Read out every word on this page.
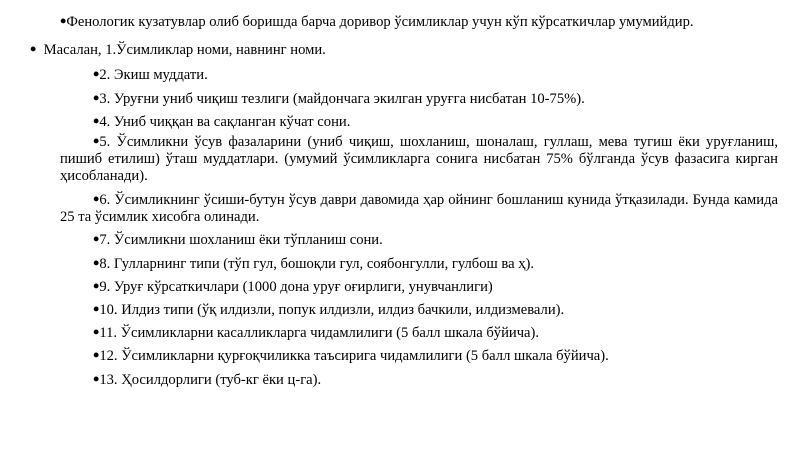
•Фенологик кузатувлар олиб боришда барча доривор ўсимликлар учун кўп кўрсаткичлар умумийдир.

• Масалан, 1.Ўсимликлар номи, навнинг номи.

•2. Экиш муддати.

•3. Уруғни униб чиқиш тезлиги (майдончага экилган уруғга нисбатан 10-75%).

•4. Униб чиққан ва сақланган кўчат сони.

•5. Ўсимликни ўсув фазаларини (униб чиқиш, шохланиш, шоналаш, гуллаш, мева тугиш ёки уруғланиш, пишиб етилиш) ўташ муддатлари. (умумий ўсимликларга сонига нисбатан 75% бўлганда ўсув фазасига киргaн ҳисобланади).

•6. Ўсимликнинг ўсиши-бутун ўсув даври давомида ҳар ойнинг бошланиш кунида ўтқазилади. Бунда камида 25 та ўсимлик хисобга олинади.

•7. Ўсимликни шохланиш ёки тўпланиш сони.

•8. Гулларнинг типи (тўп гул, бошоқли гул, соябонгулли, гулбош ва ҳ).

•9. Уруғ кўрсаткичлари (1000 дона уруғ оғирлиги, унувчанлиги)

•10. Илдиз типи (ўқ илдизли, попук илдизли, илдиз бачкили, илдизмевали).

•11. Ўсимликларни касалликларга чидамлилиги (5 балл шкала бўйича).

•12. Ўсимликларни қурғоқчиликка таъсирига чидамлилиги (5 балл шкала бўйича).

•13. Ҳосилдорлиги (туб-кг ёки ц-га).
